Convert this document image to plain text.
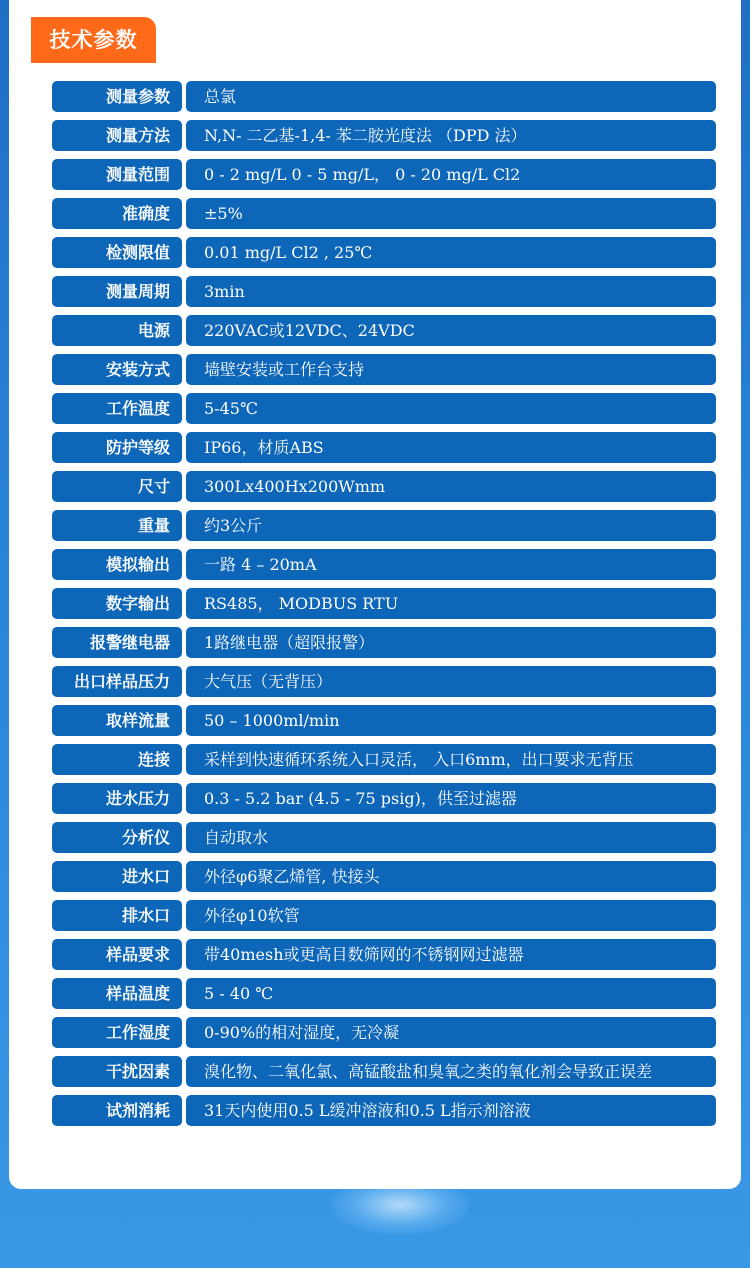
技术参数
测量参数	总氯
测量方法	N,N- 二乙基-1,4- 苯二胺光度法 （DPD 法）
测量范围	0 - 2 mg/L 0 - 5 mg/L， 0 - 20 mg/L Cl2
准确度	±5%
检测限值	0.01 mg/L Cl2 , 25℃
测量周期	3min
电源	220VAC或12VDC、24VDC
安装方式	墙壁安装或工作台支持
工作温度	5-45℃
防护等级	IP66，材质ABS
尺寸	300Lx400Hx200Wmm
重量	约3公斤
模拟输出	一路 4 – 20mA
数字输出	RS485， MODBUS RTU
报警继电器	1路继电器（超限报警）
出口样品压力	大气压（无背压）
取样流量	50 – 1000ml/min
连接	采样到快速循环系统入口灵活， 入口6mm，出口要求无背压
进水压力	0.3 - 5.2 bar (4.5 - 75 psig)，供至过滤器
分析仪	自动取水
进水口	外径φ6聚乙烯管, 快接头
排水口	外径φ10软管
样品要求	带40mesh或更高目数筛网的不锈钢网过滤器
样品温度	5 - 40 ℃
工作湿度	0-90%的相对湿度，无冷凝
干扰因素	溴化物、二氧化氯、高锰酸盐和臭氧之类的氧化剂会导致正误差
试剂消耗	31天内使用0.5 L缓冲溶液和0.5 L指示剂溶液
